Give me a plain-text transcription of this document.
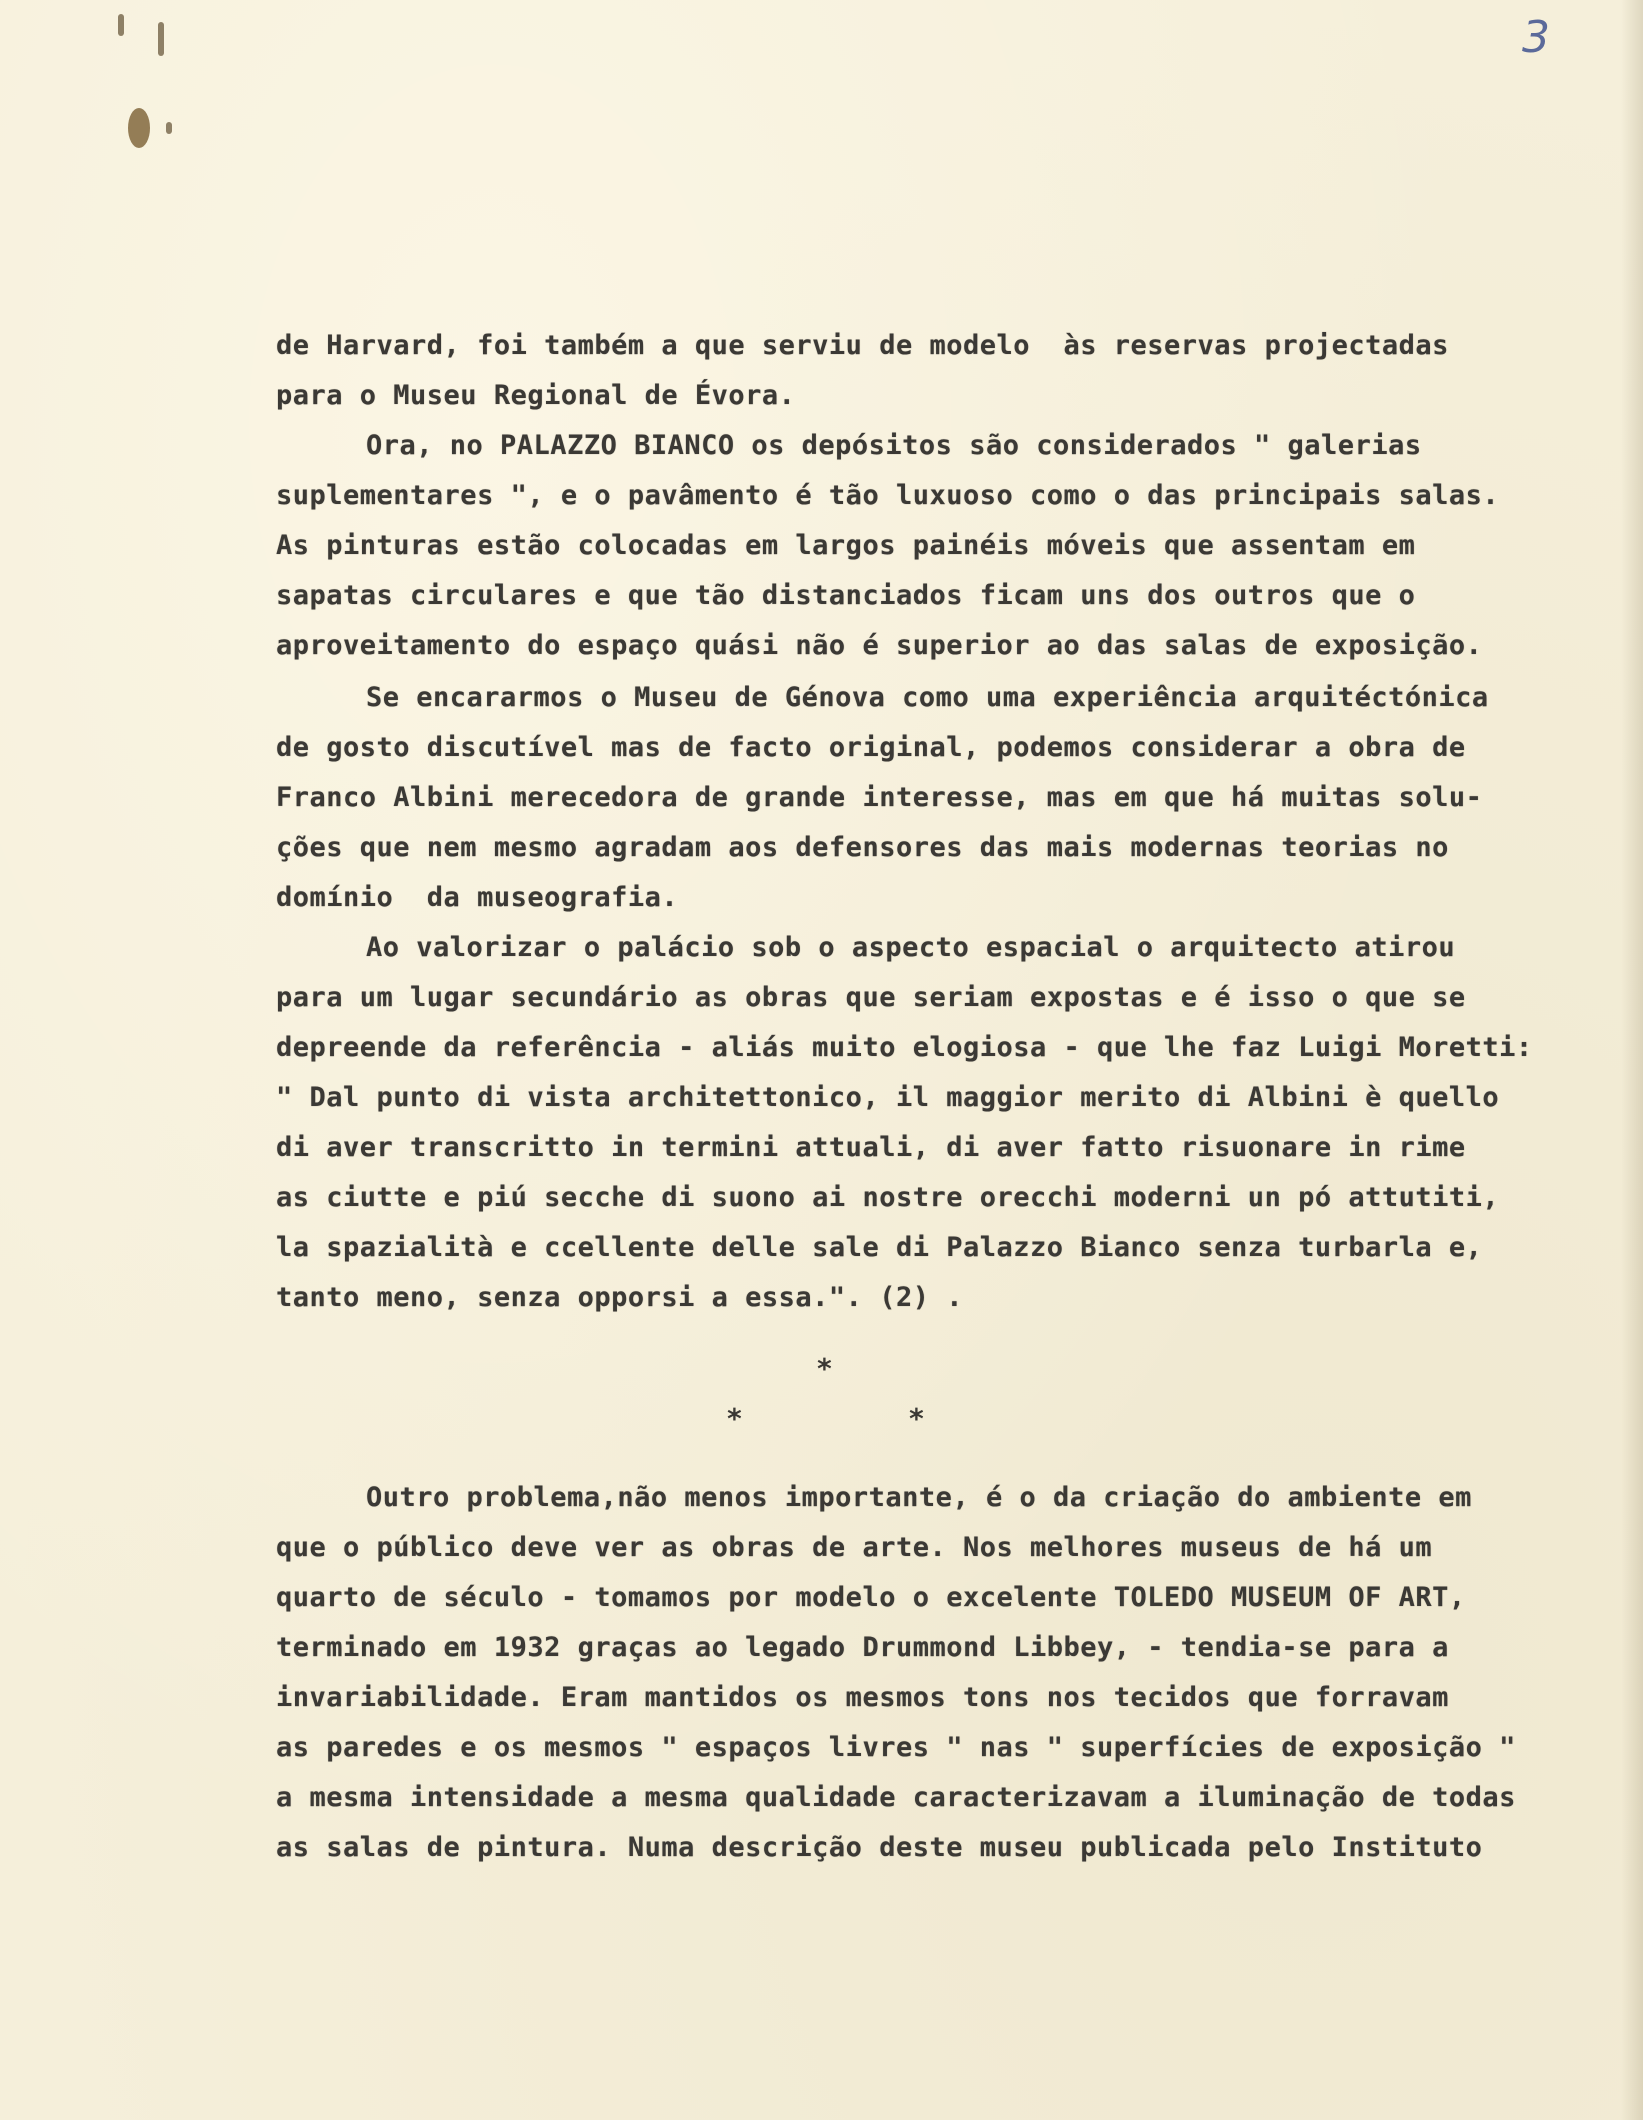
3
de Harvard, foi também a que serviu de modelo  às reservas projectadas
para o Museu Regional de Évora.
Ora, no PALAZZO BIANCO os depósitos são considerados " galerias
suplementares ", e o pavâmento é tão luxuoso como o das principais salas.
As pinturas estão colocadas em largos painéis móveis que assentam em
sapatas circulares e que tão distanciados ficam uns dos outros que o
aproveitamento do espaço quási não é superior ao das salas de exposição.
Se encararmos o Museu de Génova como uma experiência arquitéctónica
de gosto discutível mas de facto original, podemos considerar a obra de
Franco Albini merecedora de grande interesse, mas em que há muitas solu-
ções que nem mesmo agradam aos defensores das mais modernas teorias no
domínio  da museografia.
Ao valorizar o palácio sob o aspecto espacial o arquitecto atirou
para um lugar secundário as obras que seriam expostas e é isso o que se
depreende da referência - aliás muito elogiosa - que lhe faz Luigi Moretti:
" Dal punto di vista architettonico, il maggior merito di Albini è quello
di aver transcritto in termini attuali, di aver fatto risuonare in rime
as ciutte e piú secche di suono ai nostre orecchi moderni un pó attutiti,
la spazialità e ccellente delle sale di Palazzo Bianco senza turbarla e,
tanto meno, senza opporsi a essa.". (2) .
*
*	*
Outro problema,não menos importante, é o da criação do ambiente em
que o público deve ver as obras de arte. Nos melhores museus de há um
quarto de século - tomamos por modelo o excelente TOLEDO MUSEUM OF ART,
terminado em 1932 graças ao legado Drummond Libbey, - tendia-se para a
invariabilidade. Eram mantidos os mesmos tons nos tecidos que forravam
as paredes e os mesmos " espaços livres " nas " superfícies de exposição "
a mesma intensidade a mesma qualidade caracterizavam a iluminação de todas
as salas de pintura. Numa descrição deste museu publicada pelo Instituto
